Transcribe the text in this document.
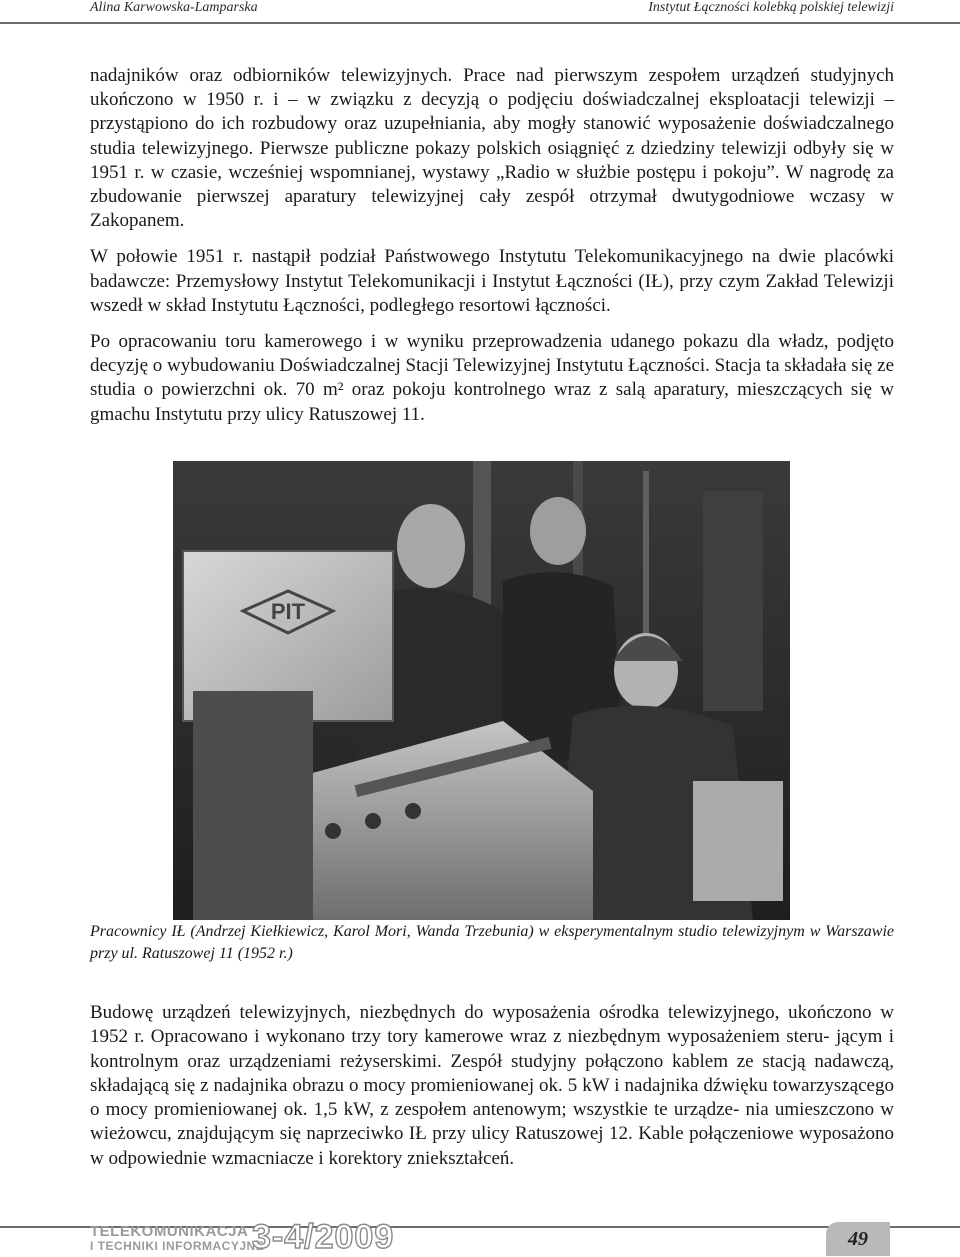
Alina Karwowska-Lamparska	Instytut Łączności kolebką polskiej telewizji

nadajników oraz odbiorników telewizyjnych. Prace nad pierwszym zespołem urządzeń studyjnych ukończono w 1950 r. i – w związku z decyzją o podjęciu doświadczalnej eksploatacji telewizji – przystąpiono do ich rozbudowy oraz uzupełniania, aby mogły stanowić wyposażenie doświadczalnego studia telewizyjnego. Pierwsze publiczne pokazy polskich osiągnięć z dziedziny telewizji odbyły się w 1951 r. w czasie, wcześniej wspomnianej, wystawy „Radio w służbie postępu i pokoju”. W nagrodę za zbudowanie pierwszej aparatury telewizyjnej cały zespół otrzymał dwutygodniowe wczasy w Zakopanem.

W połowie 1951 r. nastąpił podział Państwowego Instytutu Telekomunikacyjnego na dwie placówki badawcze: Przemysłowy Instytut Telekomunikacji i Instytut Łączności (IŁ), przy czym Zakład Telewizji wszedł w skład Instytutu Łączności, podległego resortowi łączności.

Po opracowaniu toru kamerowego i w wyniku przeprowadzenia udanego pokazu dla władz, podjęto decyzję o wybudowaniu Doświadczalnej Stacji Telewizyjnej Instytutu Łączności. Stacja ta składała się ze studia o powierzchni ok. 70 m² oraz pokoju kontrolnego wraz z salą aparatury, mieszczących się w gmachu Instytutu przy ulicy Ratuszowej 11.

PIT
Pracownicy IŁ (Andrzej Kiełkiewicz, Karol Mori, Wanda Trzebunia) w eksperymentalnym studio telewizyjnym w Warszawie przy ul. Ratuszowej 11 (1952 r.)

Budowę urządzeń telewizyjnych, niezbędnych do wyposażenia ośrodka telewizyjnego, ukończono w 1952 r. Opracowano i wykonano trzy tory kamerowe wraz z niezbędnym wyposażeniem steru- jącym i kontrolnym oraz urządzeniami reżyserskimi. Zespół studyjny połączono kablem ze stacją nadawczą, składającą się z nadajnika obrazu o mocy promieniowanej ok. 5 kW i nadajnika dźwięku towarzyszącego o mocy promieniowanej ok. 1,5 kW, z zespołem antenowym; wszystkie te urządze- nia umieszczono w wieżowcu, znajdującym się naprzeciwko IŁ przy ulicy Ratuszowej 12. Kable połączeniowe wyposażono w odpowiednie wzmacniacze i korektory zniekształceń.

TELEKOMUNIKACJA
I TECHNIKI INFORMACYJNE
3-4/2009	49
